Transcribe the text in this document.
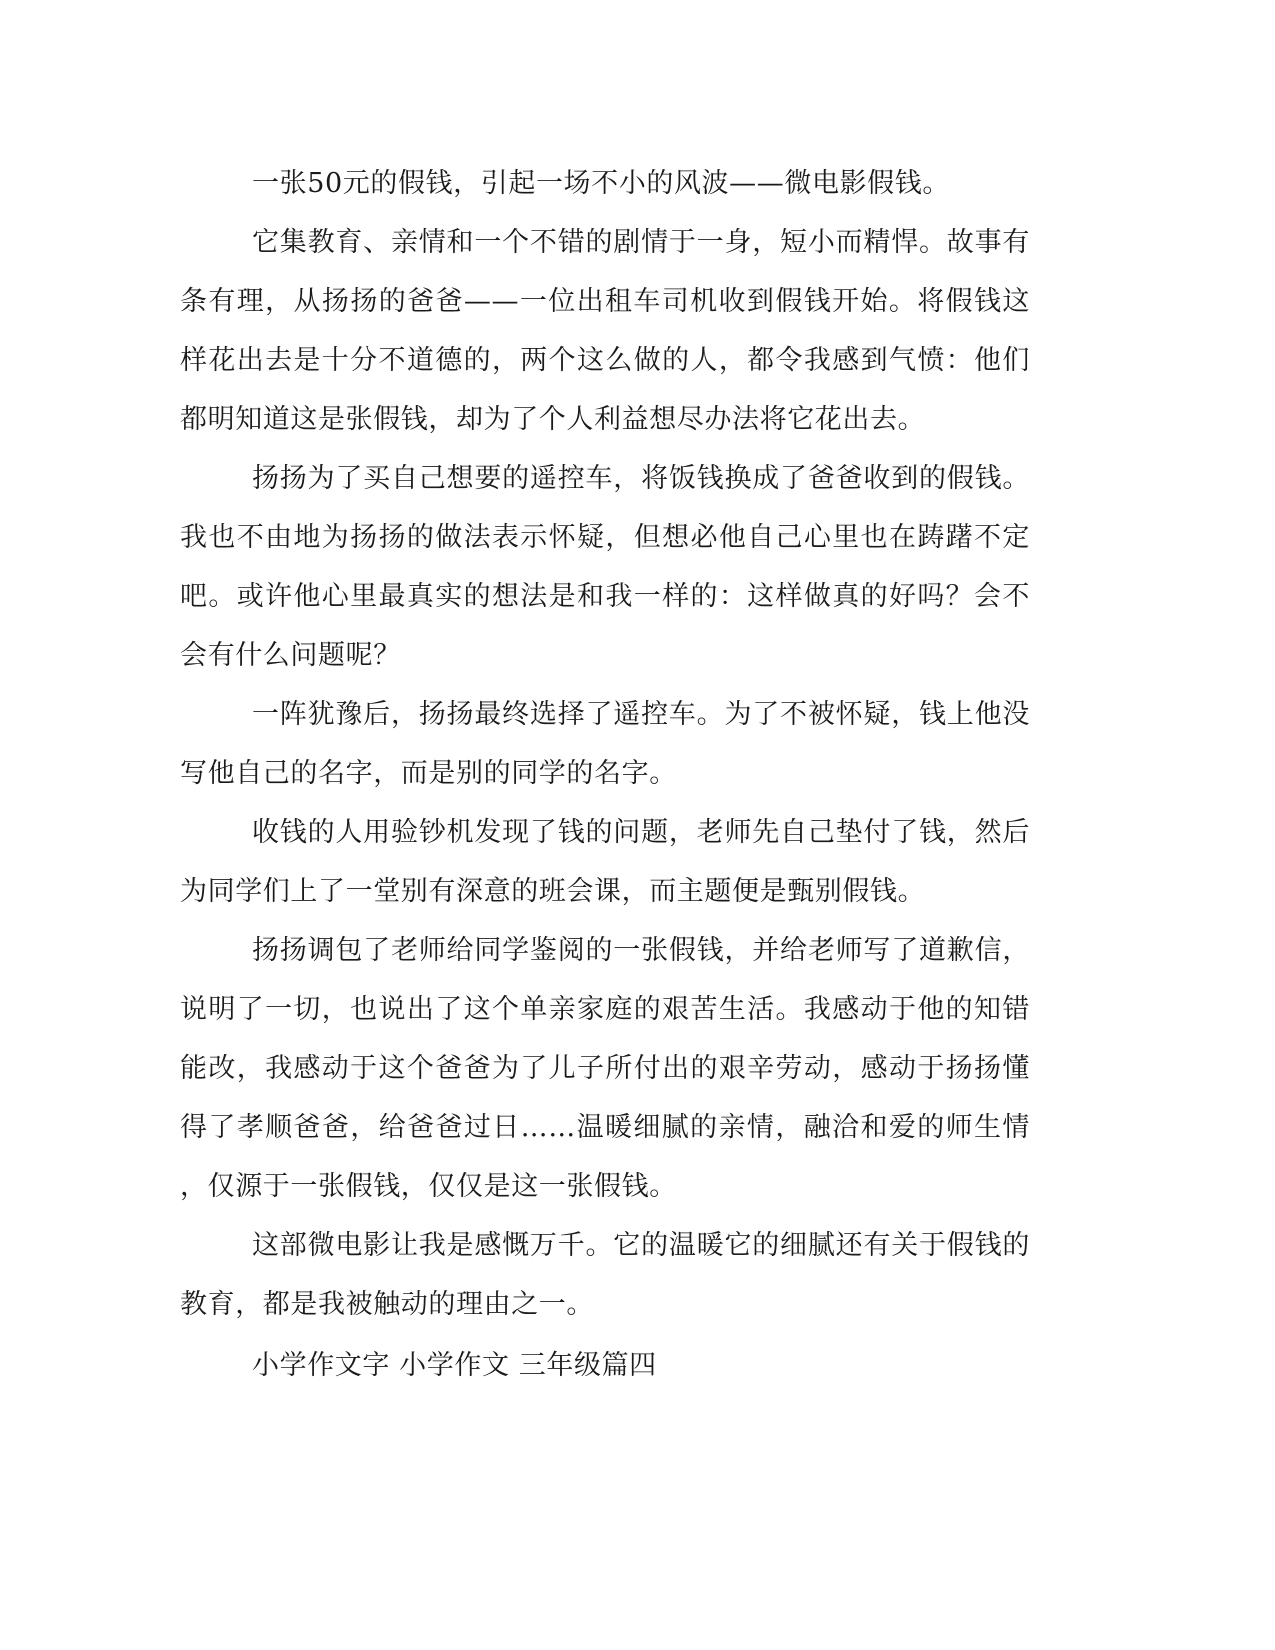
一张50元的假钱，引起一场不小的风波——微电影假钱。

它集教育、亲情和一个不错的剧情于一身，短小而精悍。故事有条有理，从扬扬的爸爸——一位出租车司机收到假钱开始。将假钱这样花出去是十分不道德的，两个这么做的人，都令我感到气愤：他们都明知道这是张假钱，却为了个人利益想尽办法将它花出去。

扬扬为了买自己想要的遥控车，将饭钱换成了爸爸收到的假钱。我也不由地为扬扬的做法表示怀疑，但想必他自己心里也在踌躇不定吧。或许他心里最真实的想法是和我一样的：这样做真的好吗？会不会有什么问题呢？

一阵犹豫后，扬扬最终选择了遥控车。为了不被怀疑，钱上他没写他自己的名字，而是别的同学的名字。

收钱的人用验钞机发现了钱的问题，老师先自己垫付了钱，然后为同学们上了一堂别有深意的班会课，而主题便是甄别假钱。

扬扬调包了老师给同学鉴阅的一张假钱，并给老师写了道歉信，说明了一切，也说出了这个单亲家庭的艰苦生活。我感动于他的知错能改，我感动于这个爸爸为了儿子所付出的艰辛劳动，感动于扬扬懂得了孝顺爸爸，给爸爸过日……温暖细腻的亲情，融洽和爱的师生情，仅源于一张假钱，仅仅是这一张假钱。

这部微电影让我是感慨万千。它的温暖它的细腻还有关于假钱的教育，都是我被触动的理由之一。

小学作文字 小学作文 三年级篇四
